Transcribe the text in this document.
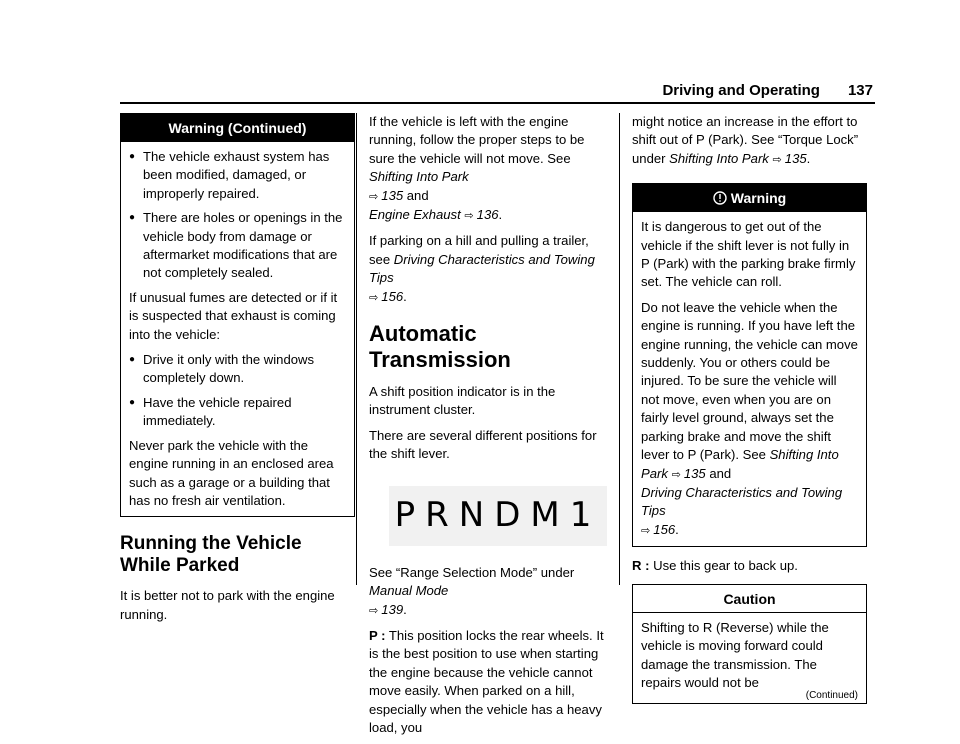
Driving and Operating 137
Warning (Continued)
● The vehicle exhaust system has been modified, damaged, or improperly repaired.
● There are holes or openings in the vehicle body from damage or aftermarket modifications that are not completely sealed.

If unusual fumes are detected or if it is suspected that exhaust is coming into the vehicle:

● Drive it only with the windows completely down.
● Have the vehicle repaired immediately.

Never park the vehicle with the engine running in an enclosed area such as a garage or a building that has no fresh air ventilation.

Running the Vehicle While Parked

It is better not to park with the engine running.

If the vehicle is left with the engine running, follow the proper steps to be sure the vehicle will not move. See Shifting Into Park
⇨ 135 and
Engine Exhaust ⇨ 136.

If parking on a hill and pulling a trailer, see Driving Characteristics and Towing Tips
⇨ 156.

Automatic Transmission

A shift position indicator is in the instrument cluster.

There are several different positions for the shift lever.

PRNDM1

See “Range Selection Mode” under Manual Mode
⇨ 139.

P : This position locks the rear wheels. It is the best position to use when starting the engine because the vehicle cannot move easily. When parked on a hill, especially when the vehicle has a heavy load, you

might notice an increase in the effort to shift out of P (Park). See “Torque Lock” under Shifting Into Park ⇨ 135.

Warning

It is dangerous to get out of the vehicle if the shift lever is not fully in P (Park) with the parking brake firmly set. The vehicle can roll.

Do not leave the vehicle when the engine is running. If you have left the engine running, the vehicle can move suddenly. You or others could be injured. To be sure the vehicle will not move, even when you are on fairly level ground, always set the parking brake and move the shift lever to P (Park). See Shifting Into Park ⇨ 135 and
Driving Characteristics and Towing Tips
⇨ 156.

R : Use this gear to back up.

Caution

Shifting to R (Reverse) while the vehicle is moving forward could damage the transmission. The repairs would not be

(Continued)
